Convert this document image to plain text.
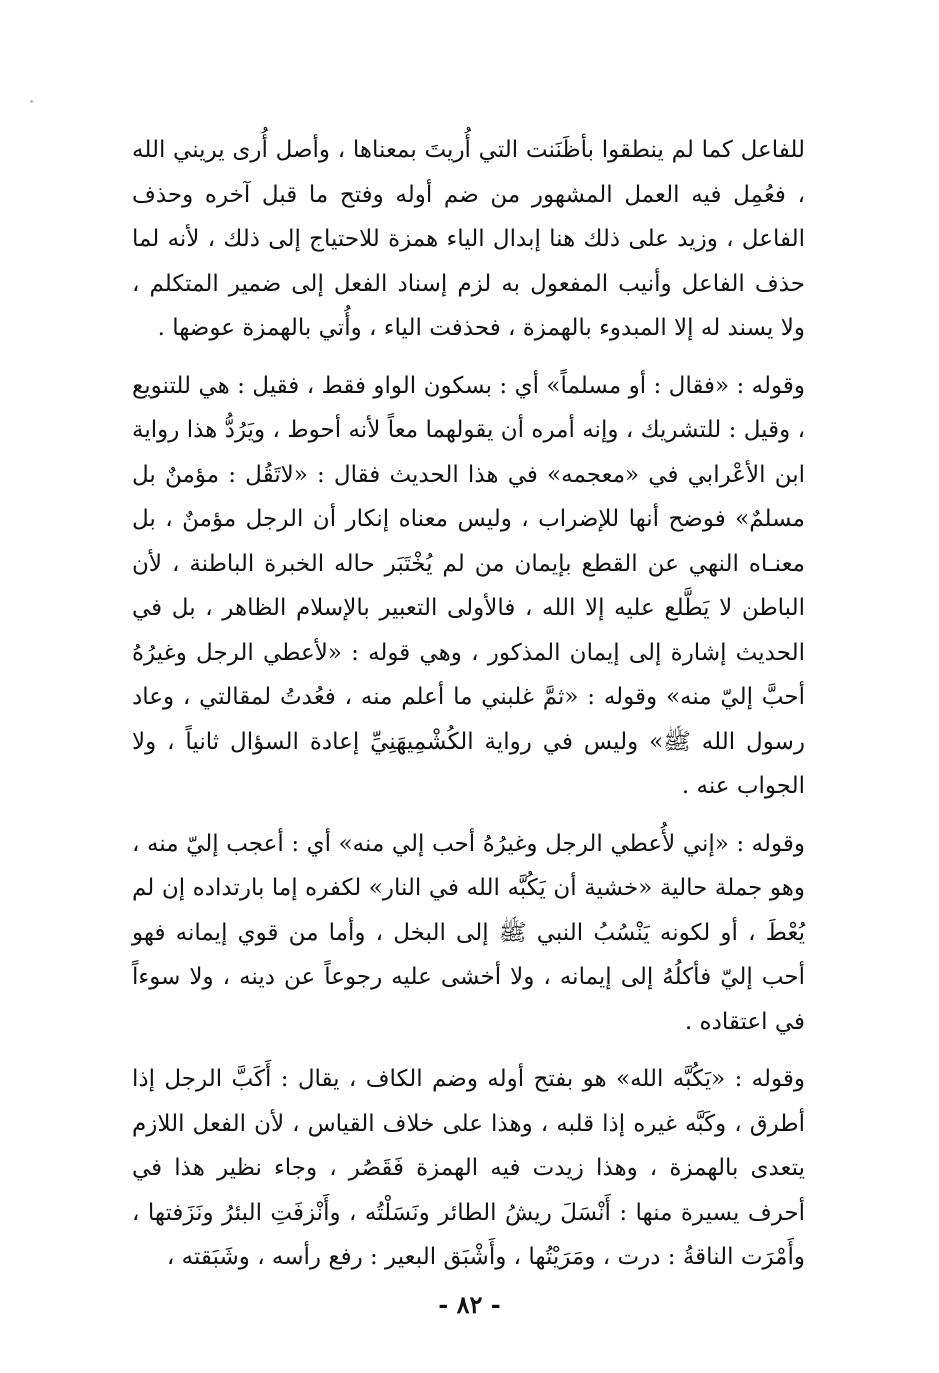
للفاعل كما لم ينطقوا بأظَنَنت التي أُريتَ بمعناها ، وأصل أُرى يريني الله ، فعُمِل فيه العمل المشهور من ضم أوله وفتح ما قبل آخره وحذف الفاعل ، وزيد على ذلك هنا إبدال الياء همزة للاحتياج إلى ذلك ، لأنه لما حذف الفاعل وأنيب المفعول به لزم إسناد الفعل إلى ضمير المتكلم ، ولا يسند له إلا المبدوء بالهمزة ، فحذفت الياء ، وأُتي بالهمزة عوضها .

وقوله : «فقال : أو مسلماً» أي : بسكون الواو فقط ، فقيل : هي للتنويع ، وقيل : للتشريك ، وإنه أمره أن يقولهما معاً لأنه أحوط ، ويَرُدُّ هذا رواية ابن الأعْرابي في «معجمه» في هذا الحديث فقال : «لاتَقُل : مؤمنٌ بل مسلمٌ» فوضح أنها للإضراب ، وليس معناه إنكار أن الرجل مؤمنٌ ، بل معنـاه النهي عن القطع بإيمان من لم يُخْتَبَر حاله الخبرة الباطنة ، لأن الباطن لا يَطَّلع عليه إلا الله ، فالأولى التعبير بالإسلام الظاهر ، بل في الحديث إشارة إلى إيمان المذكور ، وهي قوله : «لأعطي الرجل وغيرُهُ أحبَّ إليّ منه» وقوله : «ثمَّ غلبني ما أعلم منه ، فعُدتُ لمقالتي ، وعاد رسول الله ﷺ» وليس في رواية الكُشْمِيهَنِيِّ إعادة السؤال ثانياً ، ولا الجواب عنه .

وقوله : «إني لأُعطي الرجل وغيرُهُ أحب إلي منه» أي : أعجب إليّ منه ، وهو جملة حالية «خشية أن يَكُبَّه الله في النار» لكفره إما بارتداده إن لم يُعْطَ ، أو لكونه يَنْسُبُ النبي ﷺ إلى البخل ، وأما من قوي إيمانه فهو أحب إليّ فأكلُهُ إلى إيمانه ، ولا أخشى عليه رجوعاً عن دينه ، ولا سوءاً في اعتقاده .

وقوله : «يَكُبَّه الله» هو بفتح أوله وضم الكاف ، يقال : أَكَبَّ الرجل إذا أطرق ، وكَبَّه غيره إذا قلبه ، وهذا على خلاف القياس ، لأن الفعل اللازم يتعدى بالهمزة ، وهذا زيدت فيه الهمزة فَقَصُر ، وجاء نظير هذا في أحرف يسيرة منها : أَنْسَلَ ريشُ الطائر ونَسَلْتُه ، وأَنْزفَتِ البئرُ ونَزَفتها ، وأَمْرَت الناقةُ : درت ، ومَرَيْتُها ، وأَشْبَق البعير : رفع رأسه ، وشَبَقته ،

- ٨٢ -
